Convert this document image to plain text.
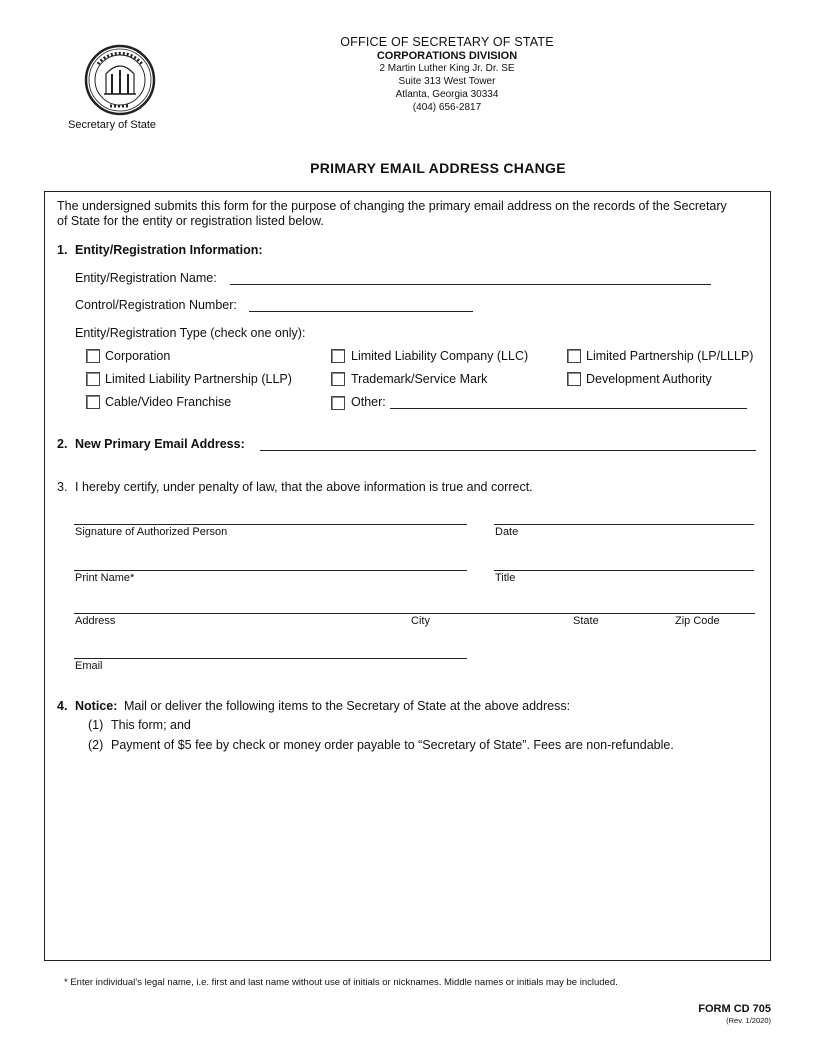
Secretary of State
OFFICE OF SECRETARY OF STATE
CORPORATIONS DIVISION
2 Martin Luther King Jr. Dr. SE
Suite 313 West Tower
Atlanta, Georgia 30334
(404) 656-2817
PRIMARY EMAIL ADDRESS CHANGE
The undersigned submits this form for the purpose of changing the primary email address on the records of the Secretary
of State for the entity or registration listed below.
1. Entity/Registration Information:
Entity/Registration Name:
Control/Registration Number:
Entity/Registration Type (check one only):
Corporation	Limited Liability Company (LLC)	Limited Partnership (LP/LLLP)
Limited Liability Partnership (LLP)	Trademark/Service Mark	Development Authority
Cable/Video Franchise	Other:
2. New Primary Email Address:
3. I hereby certify, under penalty of law, that the above information is true and correct.
Signature of Authorized Person	Date
Print Name*	Title
Address	City	State	Zip Code
Email
4. Notice: Mail or deliver the following items to the Secretary of State at the above address:
(1) This form; and
(2) Payment of $5 fee by check or money order payable to “Secretary of State”. Fees are non-refundable.
* Enter individual’s legal name, i.e. first and last name without use of initials or nicknames. Middle names or initials may be included.
FORM CD 705
(Rev. 1/2020)
